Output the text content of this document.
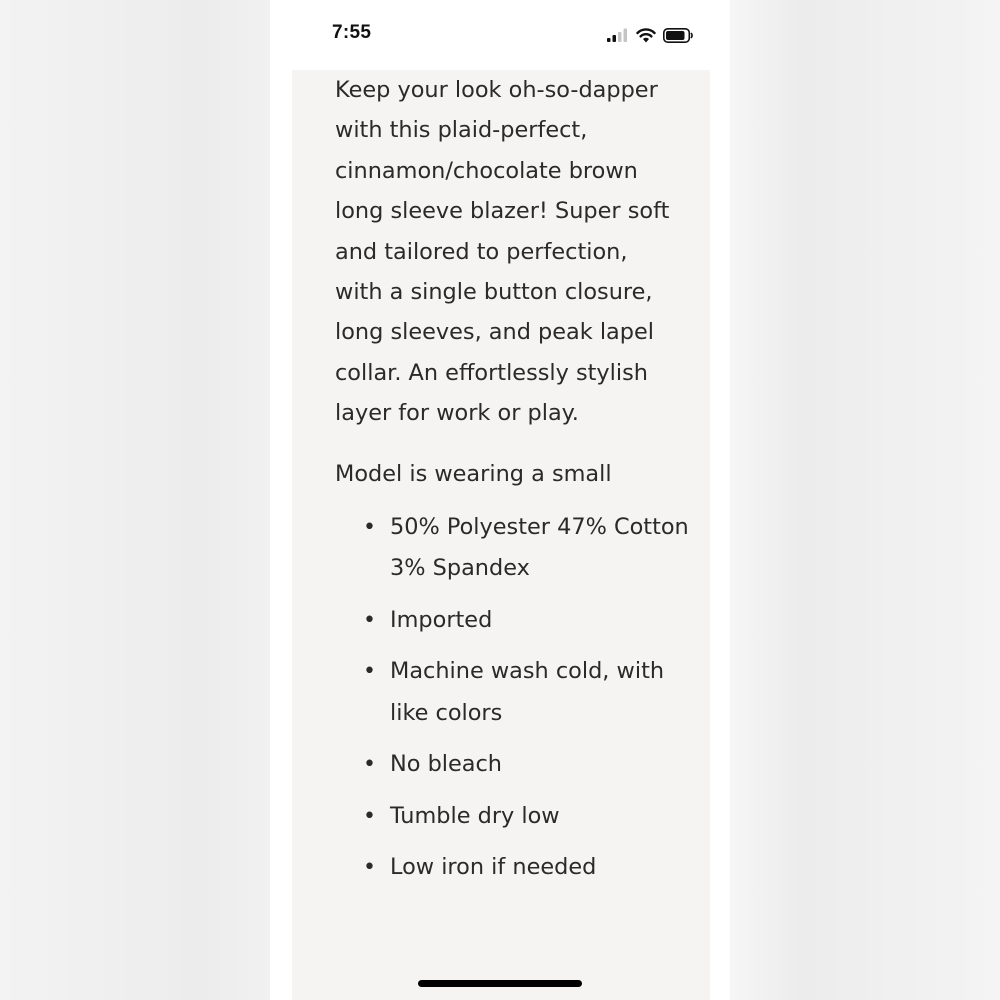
7:55

Keep your look oh-so-dapper with this plaid-perfect, cinnamon/chocolate brown long sleeve blazer! Super soft and tailored to perfection, with a single button closure, long sleeves, and peak lapel collar. An effortlessly stylish layer for work or play.

Model is wearing a small

• 50% Polyester 47% Cotton 3% Spandex
• Imported
• Machine wash cold, with like colors
• No bleach
• Tumble dry low
• Low iron if needed
